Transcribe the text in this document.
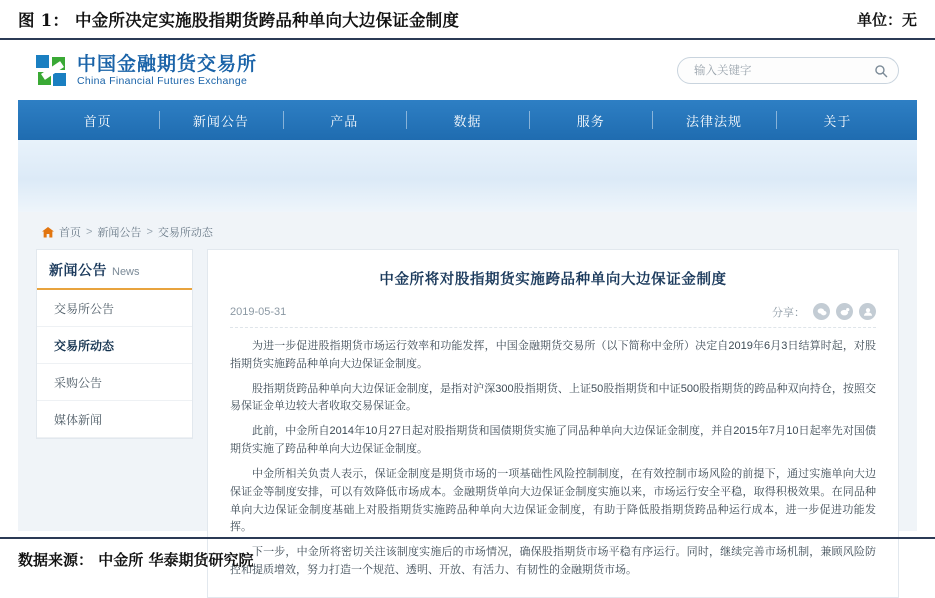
图 1： 中金所决定实施股指期货跨品种单向大边保证金制度	单位：无
中国金融期货交易所
China Financial Futures Exchange
输入关键字
首页	新闻公告	产品	数据	服务	法律法规	关于
首页 > 新闻公告 > 交易所动态
新闻公告 News
交易所公告
交易所动态
采购公告
媒体新闻
中金所将对股指期货实施跨品种单向大边保证金制度
2019-05-31	分享：

为进一步促进股指期货市场运行效率和功能发挥，中国金融期货交易所（以下简称中金所）决定自2019年6月3日结算时起，对股指期货实施跨品种单向大边保证金制度。

股指期货跨品种单向大边保证金制度，是指对沪深300股指期货、上证50股指期货和中证500股指期货的跨品种双向持仓，按照交易保证金单边较大者收取交易保证金。

此前，中金所自2014年10月27日起对股指期货和国债期货实施了同品种单向大边保证金制度，并自2015年7月10日起率先对国债期货实施了跨品种单向大边保证金制度。

中金所相关负责人表示，保证金制度是期货市场的一项基础性风险控制制度，在有效控制市场风险的前提下，通过实施单向大边保证金等制度安排，可以有效降低市场成本。金融期货单向大边保证金制度实施以来，市场运行安全平稳，取得积极效果。在同品种单向大边保证金制度基础上对股指期货实施跨品种单向大边保证金制度，有助于降低股指期货跨品种运行成本，进一步促进功能发挥。

下一步，中金所将密切关注该制度实施后的市场情况，确保股指期货市场平稳有序运行。同时，继续完善市场机制，兼顾风险防控和提质增效，努力打造一个规范、透明、开放、有活力、有韧性的金融期货市场。

数据来源： 中金所 华泰期货研究院
